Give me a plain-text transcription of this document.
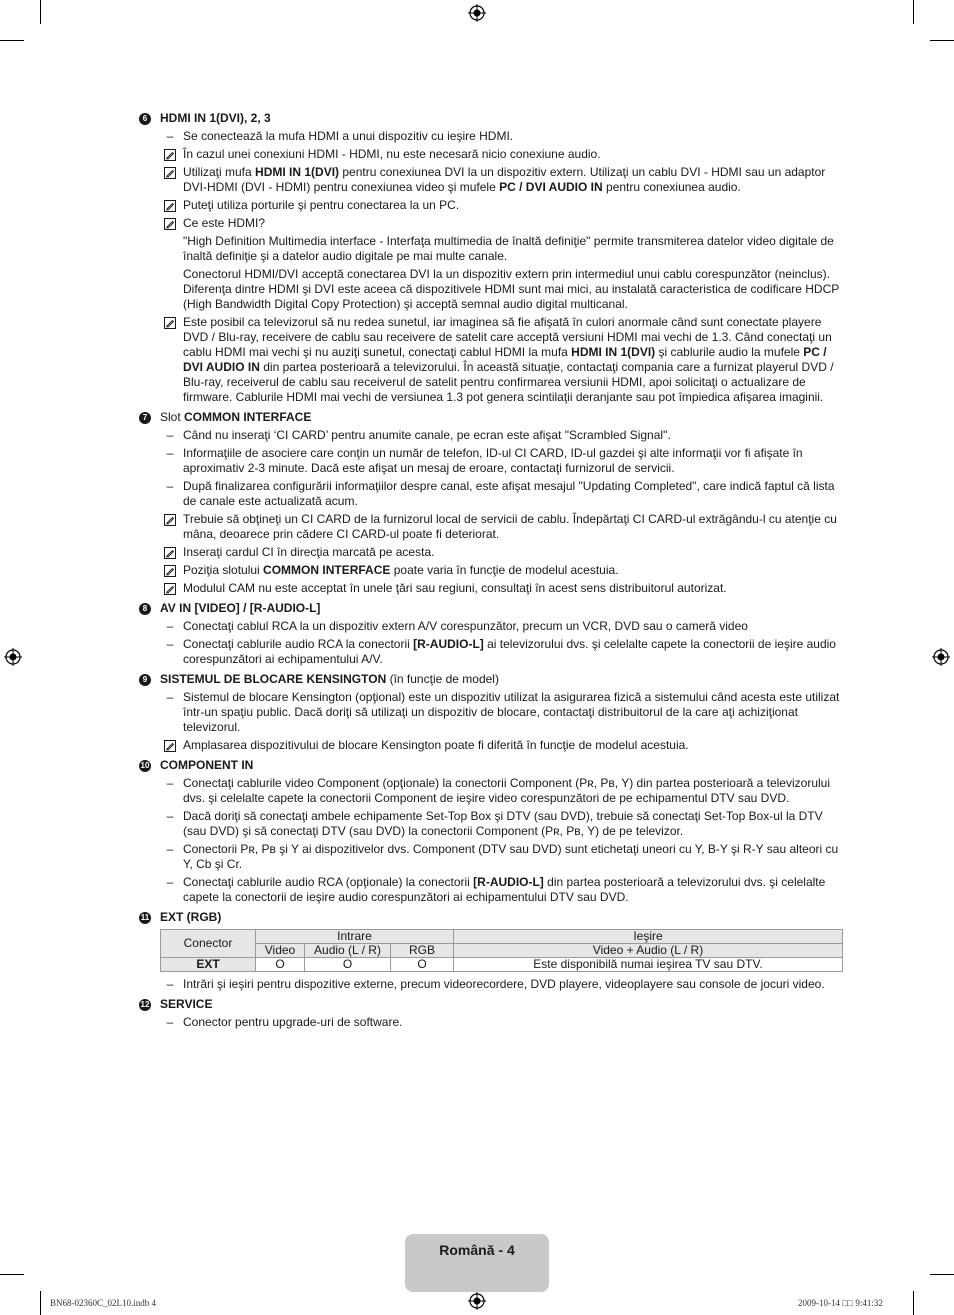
6	HDMI IN 1(DVI), 2, 3
– Se conectează la mufa HDMI a unui dispozitiv cu ieşire HDMI.

În cazul unei conexiuni HDMI - HDMI, nu este necesară nicio conexiune audio.

Utilizaţi mufa HDMI IN 1(DVI) pentru conexiunea DVI la un dispozitiv extern. Utilizaţi un cablu DVI - HDMI sau un adaptor DVI-HDMI (DVI - HDMI) pentru conexiunea video şi mufele PC / DVI AUDIO IN pentru conexiunea audio.

Puteţi utiliza porturile şi pentru conectarea la un PC.

Ce este HDMI?

"High Definition Multimedia interface - Interfaţa multimedia de înaltă definiţie" permite transmiterea datelor video digitale de înaltă definiţie şi a datelor audio digitale pe mai multe canale.

Conectorul HDMI/DVI acceptă conectarea DVI la un dispozitiv extern prin intermediul unui cablu corespunzător (neinclus). Diferenţa dintre HDMI şi DVI este aceea că dispozitivele HDMI sunt mai mici, au instalată caracteristica de codificare HDCP (High Bandwidth Digital Copy Protection) şi acceptă semnal audio digital multicanal.

Este posibil ca televizorul să nu redea sunetul, iar imaginea să fie afişată în culori anormale când sunt conectate playere DVD / Blu-ray, receivere de cablu sau receivere de satelit care acceptă versiuni HDMI mai vechi de 1.3. Când conectaţi un cablu HDMI mai vechi şi nu auziţi sunetul, conectaţi cablul HDMI la mufa HDMI IN 1(DVI) şi cablurile audio la mufele PC / DVI AUDIO IN din partea posterioară a televizorului. În această situaţie, contactaţi compania care a furnizat playerul DVD / Blu-ray, receiverul de cablu sau receiverul de satelit pentru confirmarea versiunii HDMI, apoi solicitaţi o actualizare de firmware. Cablurile HDMI mai vechi de versiunea 1.3 pot genera scintilaţii deranjante sau pot împiedica afişarea imaginii.

7	Slot COMMON INTERFACE
– Când nu inseraţi ‘CI CARD’ pentru anumite canale, pe ecran este afişat "Scrambled Signal".

– Informaţiile de asociere care conţin un număr de telefon, ID-ul CI CARD, ID-ul gazdei şi alte informaţii vor fi afişate în aproximativ 2-3 minute. Dacă este afişat un mesaj de eroare, contactaţi furnizorul de servicii.

– După finalizarea configurării informaţiilor despre canal, este afişat mesajul "Updating Completed", care indică faptul că lista de canale este actualizată acum.

Trebuie să obţineţi un CI CARD de la furnizorul local de servicii de cablu. Îndepărtaţi CI CARD-ul extrăgându-l cu atenţie cu mâna, deoarece prin cădere CI CARD-ul poate fi deteriorat.

Inseraţi cardul CI în direcţia marcată pe acesta.

Poziţia slotului COMMON INTERFACE poate varia în funcţie de modelul acestuia.

Modulul CAM nu este acceptat în unele ţări sau regiuni, consultaţi în acest sens distribuitorul autorizat.

8	AV IN [VIDEO] / [R-AUDIO-L]
– Conectaţi cablul RCA la un dispozitiv extern A/V corespunzător, precum un VCR, DVD sau o cameră video

– Conectaţi cablurile audio RCA la conectorii [R-AUDIO-L] ai televizorului dvs. şi celelalte capete la conectorii de ieşire audio corespunzători ai echipamentului A/V.

9	SISTEMUL DE BLOCARE KENSINGTON (în funcţie de model)
– Sistemul de blocare Kensington (opţional) este un dispozitiv utilizat la asigurarea fizică a sistemului când acesta este utilizat într-un spaţiu public. Dacă doriţi să utilizaţi un dispozitiv de blocare, contactaţi distribuitorul de la care aţi achiziţionat televizorul.

Amplasarea dispozitivului de blocare Kensington poate fi diferită în funcţie de modelul acestuia.

10 COMPONENT IN
– Conectaţi cablurile video Component (opţionale) la conectorii Component (Pʀ, Pʙ, Y) din partea posterioară a televizorului dvs. şi celelalte capete la conectorii Component de ieşire video corespunzători de pe echipamentul DTV sau DVD.

– Dacă doriţi să conectaţi ambele echipamente Set-Top Box şi DTV (sau DVD), trebuie să conectaţi Set-Top Box-ul la DTV (sau DVD) şi să conectaţi DTV (sau DVD) la conectorii Component (Pʀ, Pʙ, Y) de pe televizor.

– Conectorii Pʀ, Pʙ şi Y ai dispozitivelor dvs. Component (DTV sau DVD) sunt etichetaţi uneori cu Y, B-Y şi R-Y sau alteori cu Y, Cb şi Cr.

– Conectaţi cablurile audio RCA (opţionale) la conectorii [R-AUDIO-L] din partea posterioară a televizorului dvs. şi celelalte capete la conectorii de ieşire audio corespunzători ai echipamentului DTV sau DVD.

11 EXT (RGB)
Conector	Intrare			Ieşire
	Video	Audio (L / R)	RGB	Video + Audio (L / R)
EXT	O	O	O	Este disponibilă numai ieşirea TV sau DTV.
– Intrări şi ieşiri pentru dispozitive externe, precum videorecordere, DVD playere, videoplayere sau console de jocuri video.

12 SERVICE
– Conector pentru upgrade-uri de software.

Română - 4
BN68-02360C_02L10.indb 4	2009-10-14 □□ 9:41:32
